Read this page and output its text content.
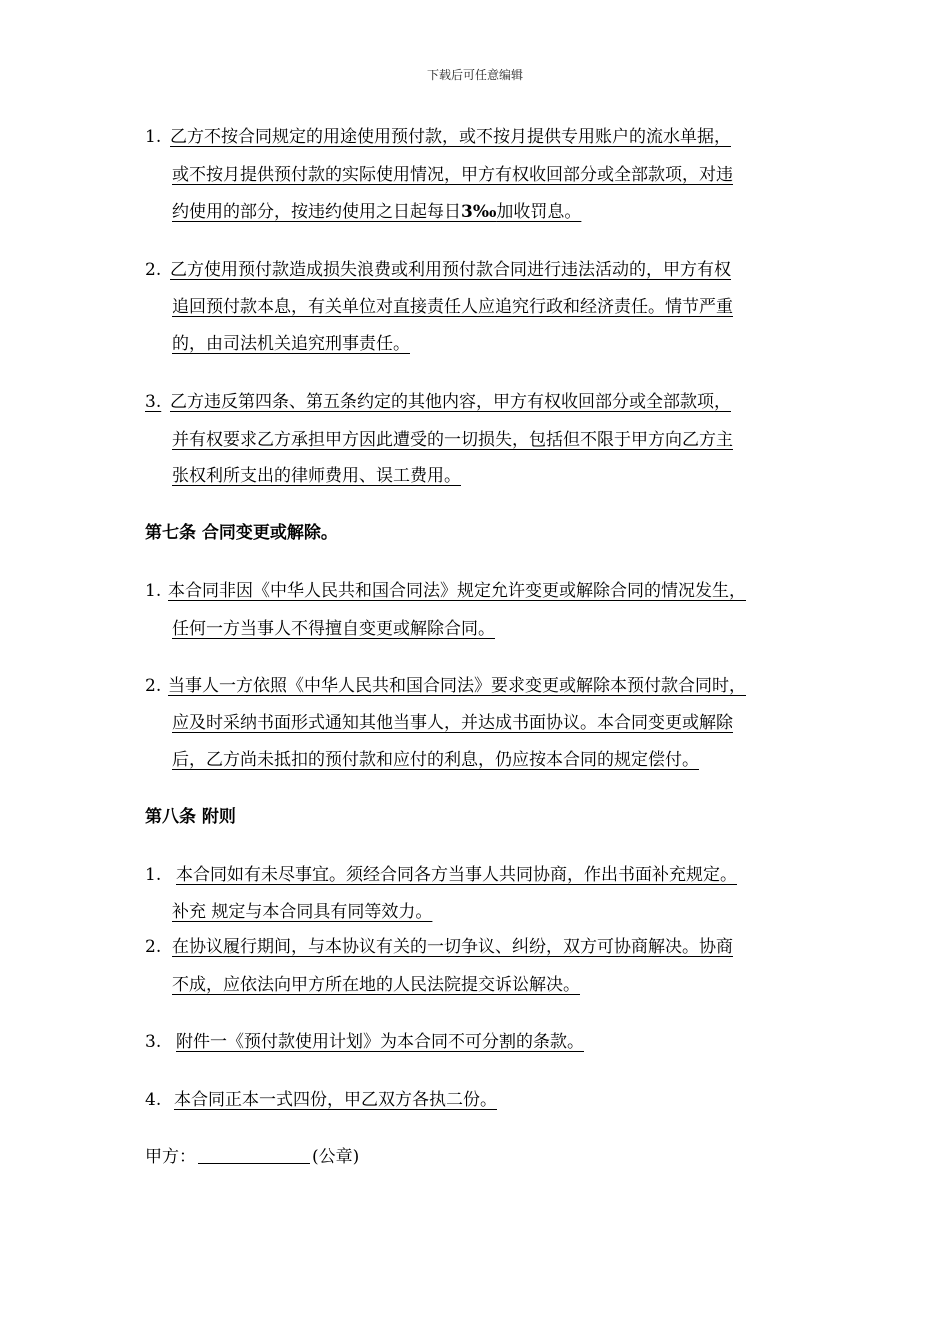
下载后可任意编辑
1. 乙方不按合同规定的用途使用预付款，或不按月提供专用账户的流水单据，
或不按月提供预付款的实际使用情况，甲方有权收回部分或全部款项，对违
约使用的部分，按违约使用之日起每日3‰加收罚息。
2. 乙方使用预付款造成损失浪费或利用预付款合同进行违法活动的，甲方有权
追回预付款本息，有关单位对直接责任人应追究行政和经济责任。情节严重
的，由司法机关追究刑事责任。
3. 乙方违反第四条、第五条约定的其他内容，甲方有权收回部分或全部款项，
并有权要求乙方承担甲方因此遭受的一切损失，包括但不限于甲方向乙方主
张权利所支出的律师费用、误工费用。
第七条 合同变更或解除。
1. 本合同非因《中华人民共和国合同法》规定允许变更或解除合同的情况发生，
任何一方当事人不得擅自变更或解除合同。
2. 当事人一方依照《中华人民共和国合同法》要求变更或解除本预付款合同时，
应及时采纳书面形式通知其他当事人，并达成书面协议。本合同变更或解除
后，乙方尚未抵扣的预付款和应付的利息，仍应按本合同的规定偿付。
第八条 附则
1. 本合同如有未尽事宜。须经合同各方当事人共同协商，作出书面补充规定。
补充 规定与本合同具有同等效力。
2. 在协议履行期间，与本协议有关的一切争议、纠纷，双方可协商解决。协商
不成，应依法向甲方所在地的人民法院提交诉讼解决。
3. 附件一《预付款使用计划》为本合同不可分割的条款。
4. 本合同正本一式四份，甲乙双方各执二份。
甲方：	(公章)
